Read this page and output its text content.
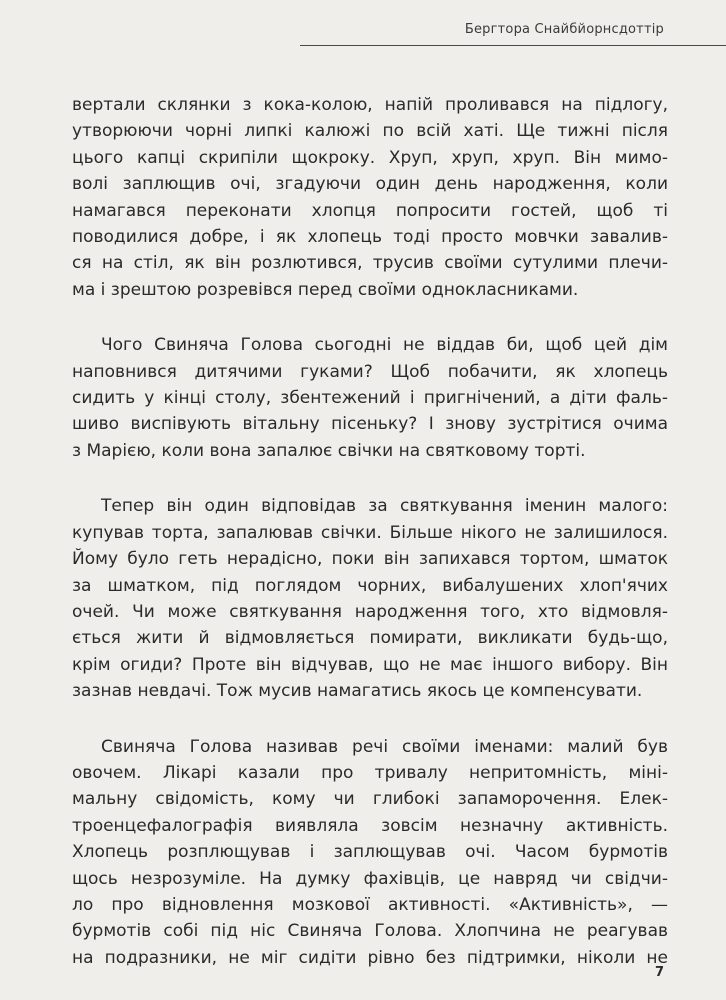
Бергтора Снайбйорнсдоттір
вертали склянки з кока-колою, напій проливався на підлогу,
утворюючи чорні липкі калюжі по всій хаті. Ще тижні після
цього капці скрипіли щокроку. Хруп, хруп, хруп. Він мимо-
волі заплющив очі, згадуючи один день народження, коли
намагався переконати хлопця попросити гостей, щоб ті
поводилися добре, і як хлопець тоді просто мовчки завалив-
ся на стіл, як він розлютився, трусив своїми сутулими плечи-
ма і зрештою розревівся перед своїми однокласниками.
Чого Свиняча Голова сьогодні не віддав би, щоб цей дім
наповнився дитячими гуками? Щоб побачити, як хлопець
сидить у кінці столу, збентежений і пригнічений, а діти фаль-
шиво виспівують вітальну пісеньку? І знову зустрітися очима
з Марією, коли вона запалює свічки на святковому торті.
Тепер він один відповідав за святкування іменин малого:
купував торта, запалював свічки. Більше нікого не залишилося.
Йому було геть нерадісно, поки він запихався тортом, шматок
за шматком, під поглядом чорних, вибалушених хлоп'ячих
очей. Чи може святкування народження того, хто відмовля-
ється жити й відмовляється помирати, викликати будь-що,
крім огиди? Проте він відчував, що не має іншого вибору. Він
зазнав невдачі. Тож мусив намагатись якось це компенсувати.
Свиняча Голова називав речі своїми іменами: малий був
овочем. Лікарі казали про тривалу непритомність, міні-
мальну свідомість, кому чи глибокі запаморочення. Елек-
троенцефалографія виявляла зовсім незначну активність.
Хлопець розплющував і заплющував очі. Часом бурмотів
щось незрозуміле. На думку фахівців, це навряд чи свідчи-
ло про відновлення мозкової активності. «Активність», —
бурмотів собі під ніс Свиняча Голова. Хлопчина не реагував
на подразники, не міг сидіти рівно без підтримки, ніколи не
7
